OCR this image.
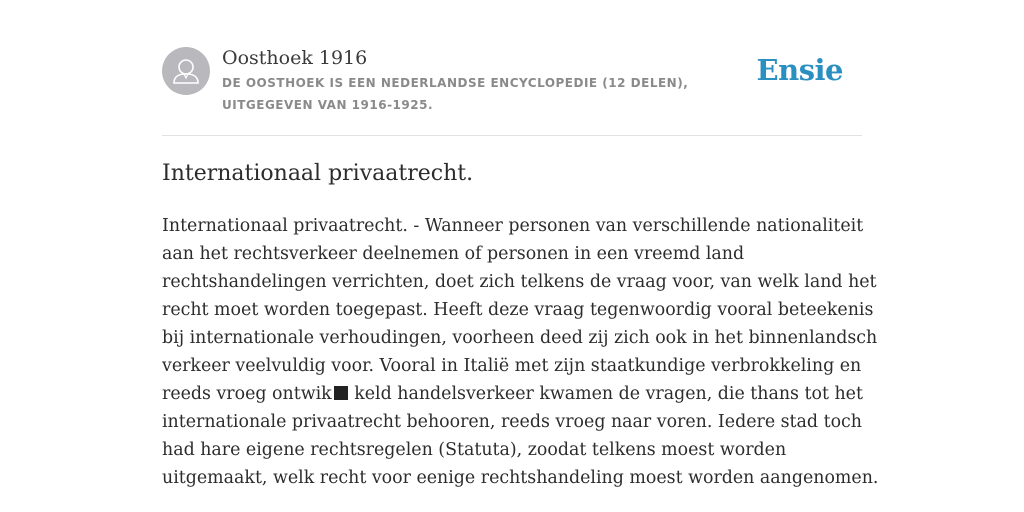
Oosthoek 1916
DE OOSTHOEK IS EEN NEDERLANDSE ENCYCLOPEDIE (12 DELEN), UITGEGEVEN VAN 1916-1925.
Ensie
Internationaal privaatrecht.
Internationaal privaatrecht. - Wanneer personen van verschillende nationaliteit
aan het rechtsverkeer deelnemen of personen in een vreemd land
rechtshandelingen verrichten, doet zich telkens de vraag voor, van welk land het
recht moet worden toegepast. Heeft deze vraag tegenwoordig vooral beteekenis
bij internationale verhoudingen, voorheen deed zij zich ook in het binnenlandsch
verkeer veelvuldig voor. Vooral in Italië met zijn staatkundige verbrokkeling en
reeds vroeg ontwik keld handelsverkeer kwamen de vragen, die thans tot het
internationale privaatrecht behooren, reeds vroeg naar voren. Iedere stad toch
had hare eigene rechtsregelen (Statuta), zoodat telkens moest worden
uitgemaakt, welk recht voor eenige rechtshandeling moest worden aangenomen.
